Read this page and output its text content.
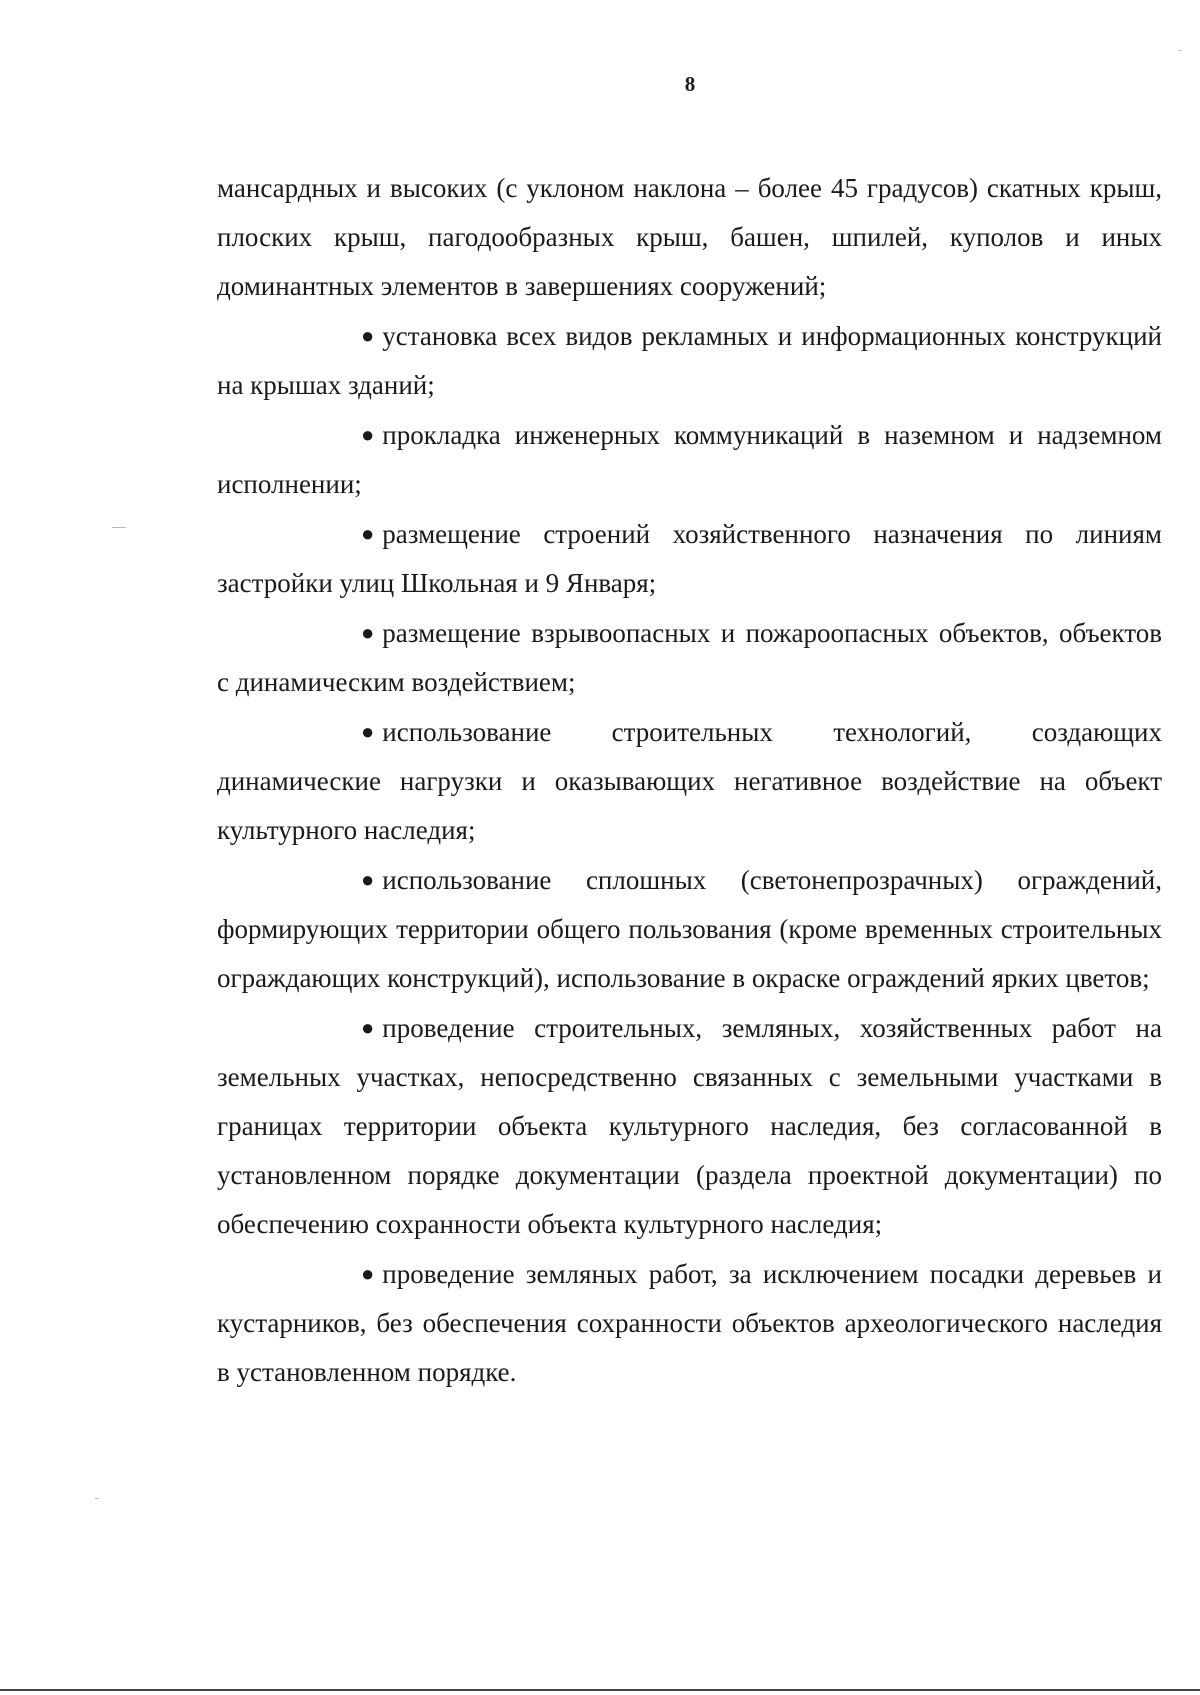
8

мансардных и высоких (с уклоном наклона – более 45 градусов) скатных крыш, плоских крыш, пагодообразных крыш, башен, шпилей, куполов и иных доминантных элементов в завершениях сооружений;

● установка всех видов рекламных и информационных конструкций на крышах зданий;

● прокладка инженерных коммуникаций в наземном и надземном исполнении;

● размещение строений хозяйственного назначения по линиям застройки улиц Школьная и 9 Января;

● размещение взрывоопасных и пожароопасных объектов, объектов с динамическим воздействием;

● использование строительных технологий, создающих динамические нагрузки и оказывающих негативное воздействие на объект культурного наследия;

● использование сплошных (светонепрозрачных) ограждений, формирующих территории общего пользования (кроме временных строительных ограждающих конструкций), использование в окраске ограждений ярких цветов;

● проведение строительных, земляных, хозяйственных работ на земельных участках, непосредственно связанных с земельными участками в границах территории объекта культурного наследия, без согласованной в установленном порядке документации (раздела проектной документации) по обеспечению сохранности объекта культурного наследия;

● проведение земляных работ, за исключением посадки деревьев и кустарников, без обеспечения сохранности объектов археологического наследия в установленном порядке.
